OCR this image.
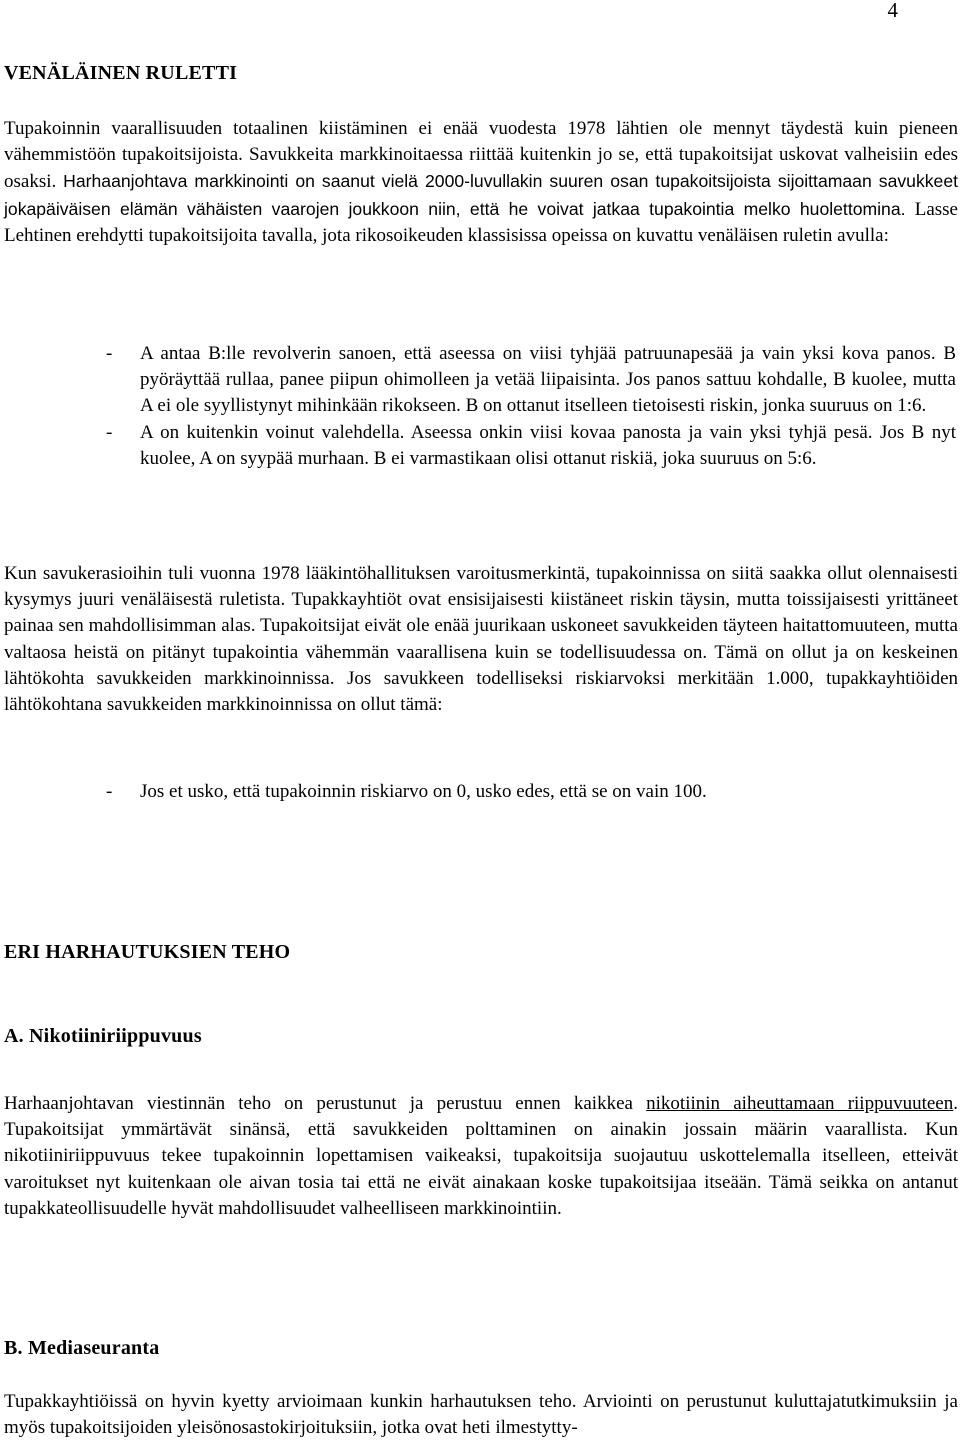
4
VENÄLÄINEN RULETTI
Tupakoinnin vaarallisuuden totaalinen kiistäminen ei enää vuodesta 1978 lähtien ole mennyt täydestä kuin pieneen vähemmistöön tupakoitsijoista. Savukkeita markkinoitaessa riittää kuitenkin jo se, että tupakoitsijat uskovat valheisiin edes osaksi. Harhaanjohtava markkinointi on saanut vielä 2000-luvullakin suuren osan tupakoitsijoista sijoittamaan savukkeet jokapäiväisen elämän vähäisten vaarojen joukkoon niin, että he voivat jatkaa tupakointia melko huolettomina. Lasse Lehtinen erehdytti tupakoitsijoita tavalla, jota rikosoikeuden klassisissa opeissa on kuvattu venäläisen ruletin avulla:
- A antaa B:lle revolverin sanoen, että aseessa on viisi tyhjää patruunapesää ja vain yksi kova panos. B pyöräyttää rullaa, panee piipun ohimolleen ja vetää liipaisinta. Jos panos sattuu kohdalle, B kuolee, mutta A ei ole syyllistynyt mihinkään rikokseen. B on ottanut itselleen tietoisesti riskin, jonka suuruus on 1:6.
- A on kuitenkin voinut valehdella. Aseessa onkin viisi kovaa panosta ja vain yksi tyhjä pesä. Jos B nyt kuolee, A on syypää murhaan. B ei varmastikaan olisi ottanut riskiä, joka suuruus on 5:6.
Kun savukerasioihin tuli vuonna 1978 lääkintöhallituksen varoitusmerkintä, tupakoinnissa on siitä saakka ollut olennaisesti kysymys juuri venäläisestä ruletista. Tupakkayhtiöt ovat ensisijaisesti kiistäneet riskin täysin, mutta toissijaisesti yrittäneet painaa sen mahdollisimman alas. Tupakoitsijat eivät ole enää juurikaan uskoneet savukkeiden täyteen haitattomuuteen, mutta valtaosa heistä on pitänyt tupakointia vähemmän vaarallisena kuin se todellisuudessa on. Tämä on ollut ja on keskeinen lähtökohta savukkeiden markkinoinnissa. Jos savukkeen todelliseksi riskiarvoksi merkitään 1.000, tupakkayhtiöiden lähtökohtana savukkeiden markkinoinnissa on ollut tämä:
- Jos et usko, että tupakoinnin riskiarvo on 0, usko edes, että se on vain 100.
ERI HARHAUTUKSIEN TEHO
A. Nikotiiniriippuvuus
Harhaanjohtavan viestinnän teho on perustunut ja perustuu ennen kaikkea nikotiinin aiheuttamaan riippuvuuteen. Tupakoitsijat ymmärtävät sinänsä, että savukkeiden polttaminen on ainakin jossain määrin vaarallista. Kun nikotiiniriippuvuus tekee tupakoinnin lopettamisen vaikeaksi, tupakoitsija suojautuu uskottelemalla itselleen, etteivät varoitukset nyt kuitenkaan ole aivan tosia tai että ne eivät ainakaan koske tupakoitsijaa itseään. Tämä seikka on antanut tupakkateollisuudelle hyvät mahdollisuudet valheelliseen markkinointiin.
B. Mediaseuranta
Tupakkayhtiöissä on hyvin kyetty arvioimaan kunkin harhautuksen teho. Arviointi on perustunut kuluttajatutkimuksiin ja myös tupakoitsijoiden yleisönosastokirjoituksiin, jotka ovat heti ilmestytty-
